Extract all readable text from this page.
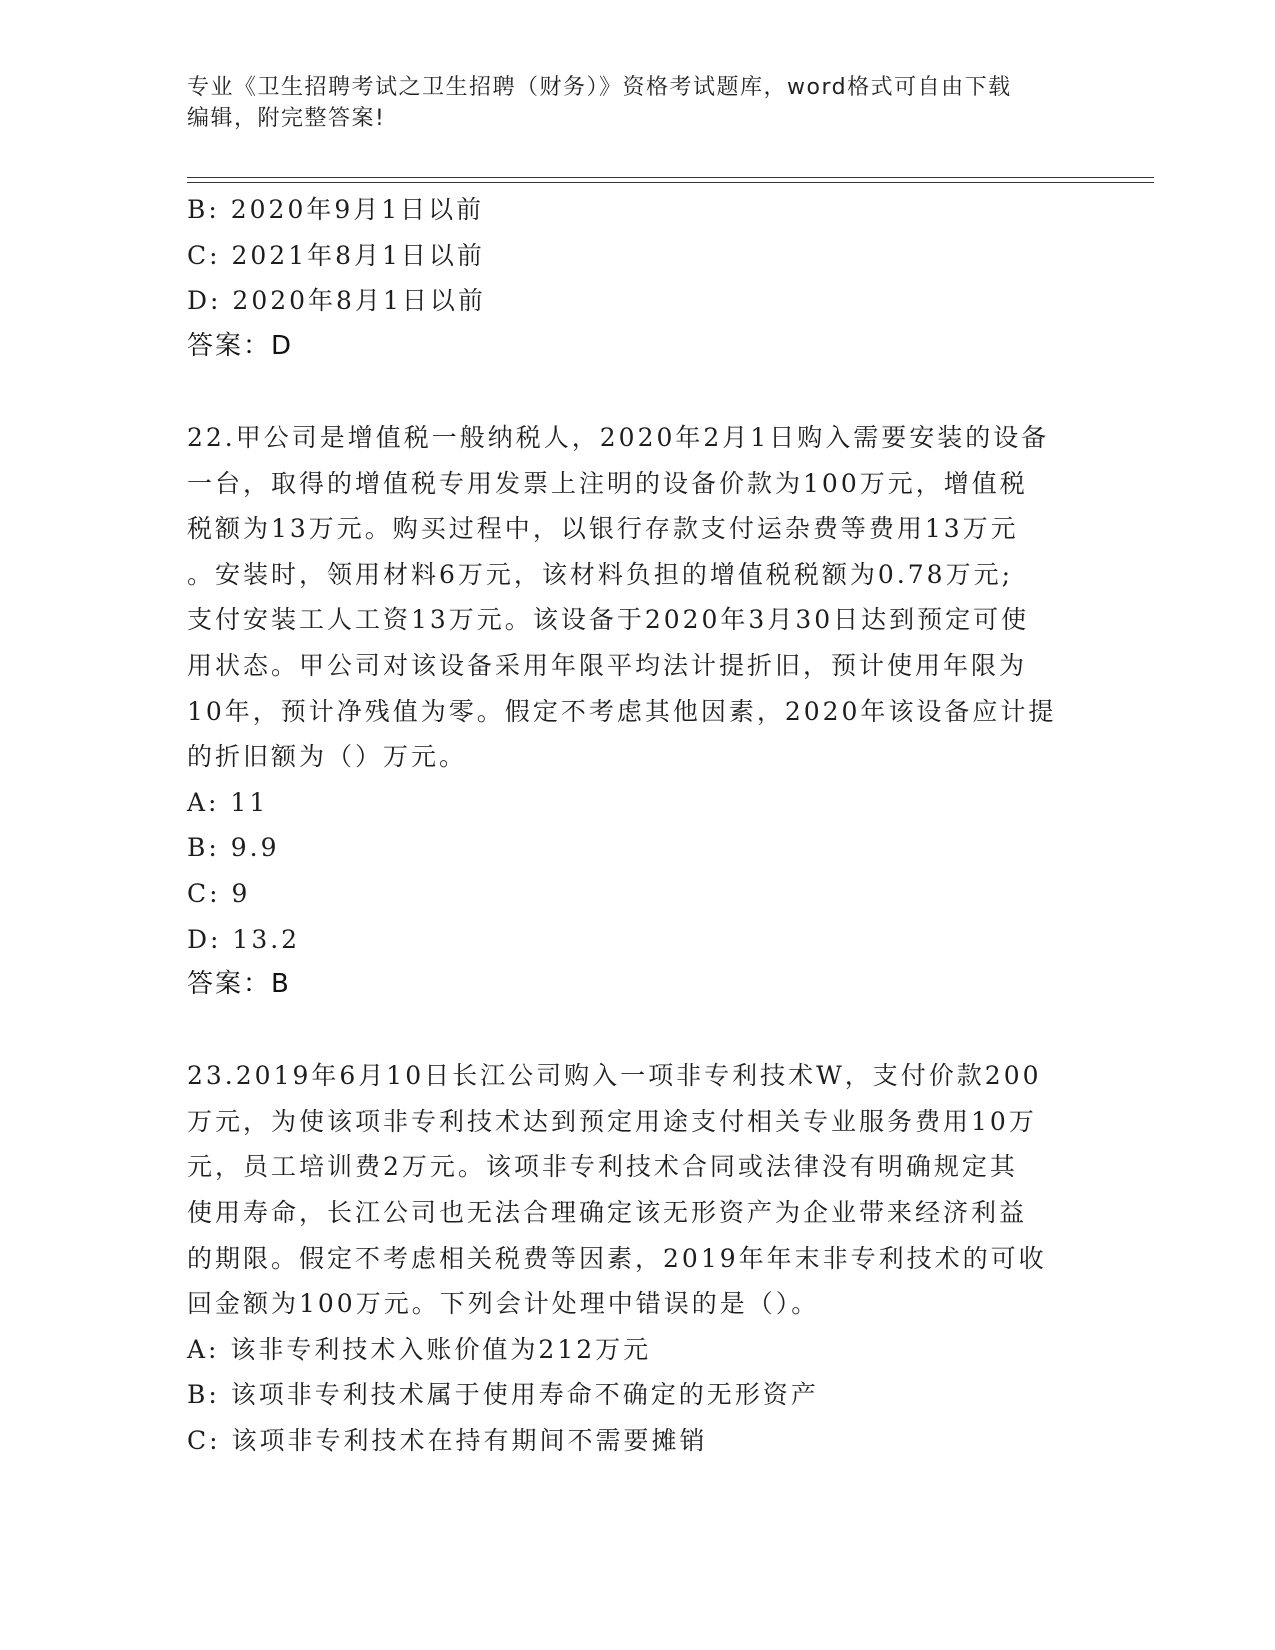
专业《卫生招聘考试之卫生招聘（财务）》资格考试题库，word格式可自由下载
编辑，附完整答案!
B: 2020年9月1日以前
C: 2021年8月1日以前
D: 2020年8月1日以前
答案：D
22.甲公司是增值税一般纳税人，2020年2月1日购入需要安装的设备
一台，取得的增值税专用发票上注明的设备价款为100万元，增值税
税额为13万元。购买过程中，以银行存款支付运杂费等费用13万元
。安装时，领用材料6万元，该材料负担的增值税税额为0.78万元;
支付安装工人工资13万元。该设备于2020年3月30日达到预定可使
用状态。甲公司对该设备采用年限平均法计提折旧，预计使用年限为
10年，预计净残值为零。假定不考虑其他因素，2020年该设备应计提
的折旧额为（）万元。
A: 11
B: 9.9
C: 9
D: 13.2
答案：B
23.2019年6月10日长江公司购入一项非专利技术W，支付价款200
万元，为使该项非专利技术达到预定用途支付相关专业服务费用10万
元，员工培训费2万元。该项非专利技术合同或法律没有明确规定其
使用寿命，长江公司也无法合理确定该无形资产为企业带来经济利益
的期限。假定不考虑相关税费等因素，2019年年末非专利技术的可收
回金额为100万元。下列会计处理中错误的是（）。
A: 该非专利技术入账价值为212万元
B: 该项非专利技术属于使用寿命不确定的无形资产
C: 该项非专利技术在持有期间不需要摊销
